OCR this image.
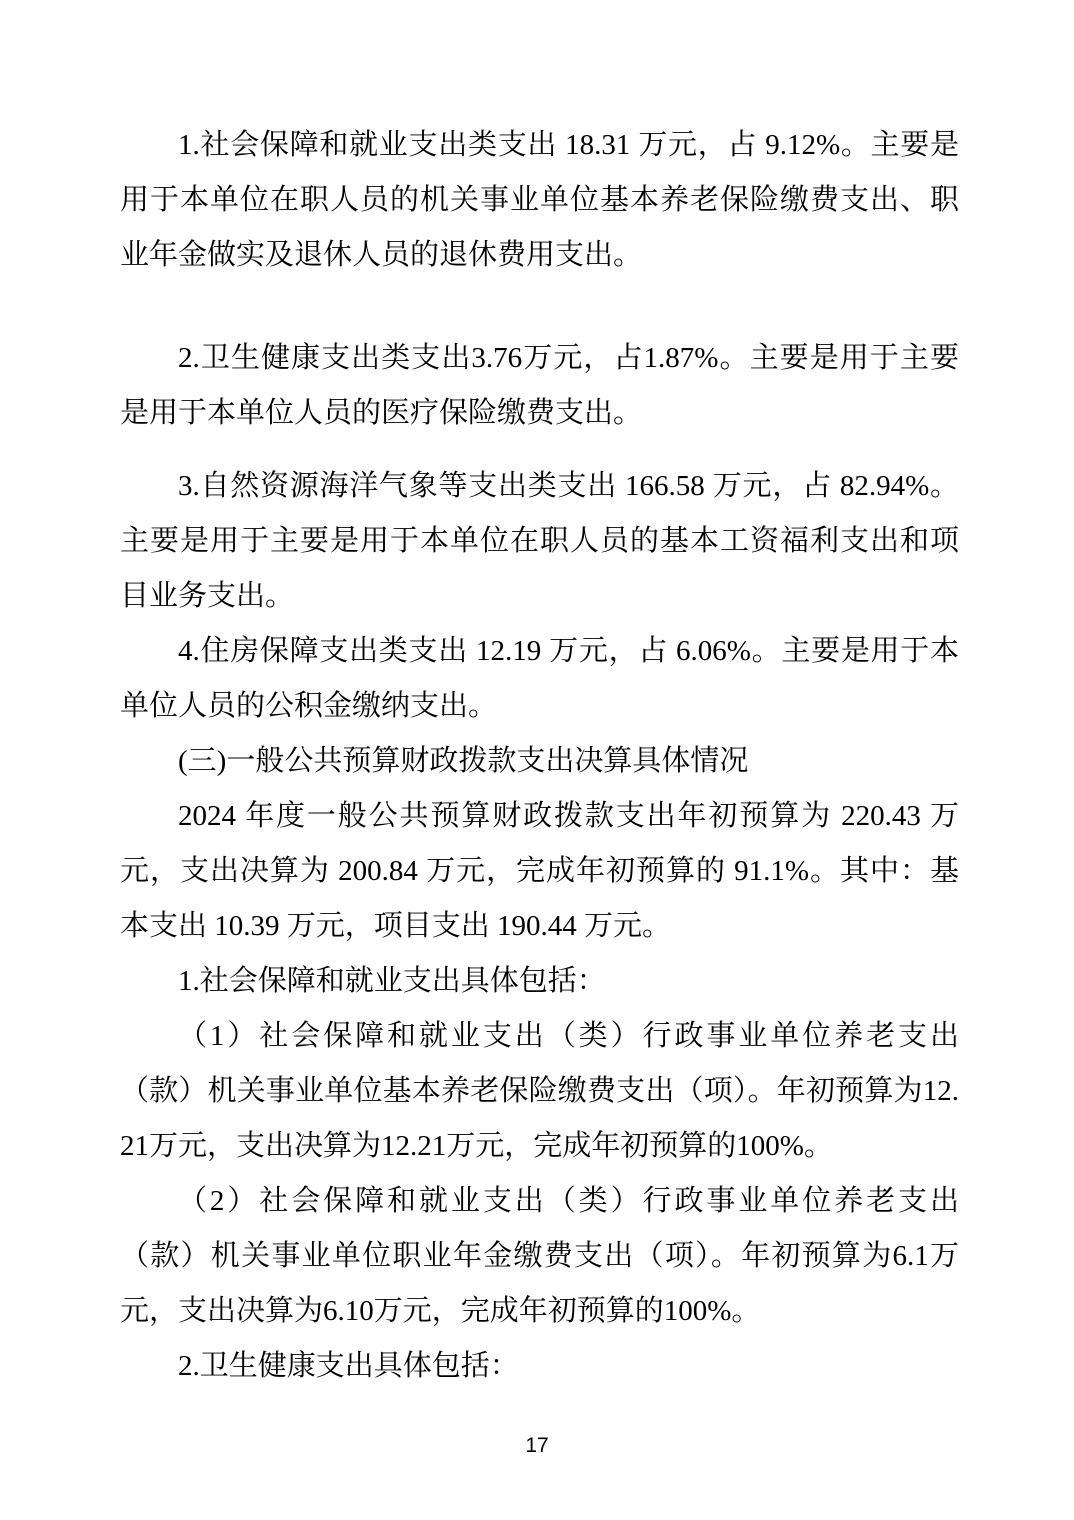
1.社会保障和就业支出类支出 18.31 万元，占 9.12%。主要是用于本单位在职人员的机关事业单位基本养老保险缴费支出、职业年金做实及退休人员的退休费用支出。

2.卫生健康支出类支出3.76万元，占1.87%。主要是用于主要是用于本单位人员的医疗保险缴费支出。

3.自然资源海洋气象等支出类支出 166.58 万元，占 82.94%。主要是用于主要是用于本单位在职人员的基本工资福利支出和项目业务支出。

4.住房保障支出类支出 12.19 万元，占 6.06%。主要是用于本单位人员的公积金缴纳支出。

(三)一般公共预算财政拨款支出决算具体情况

2024 年度一般公共预算财政拨款支出年初预算为 220.43 万元，支出决算为 200.84 万元，完成年初预算的 91.1%。其中：基本支出 10.39 万元，项目支出 190.44 万元。

1.社会保障和就业支出具体包括：

（1）社会保障和就业支出（类）行政事业单位养老支出（款）机关事业单位基本养老保险缴费支出（项）。年初预算为12.21万元，支出决算为12.21万元，完成年初预算的100%。

（2）社会保障和就业支出（类）行政事业单位养老支出（款）机关事业单位职业年金缴费支出（项）。年初预算为6.1万元，支出决算为6.10万元，完成年初预算的100%。

2.卫生健康支出具体包括：

17
